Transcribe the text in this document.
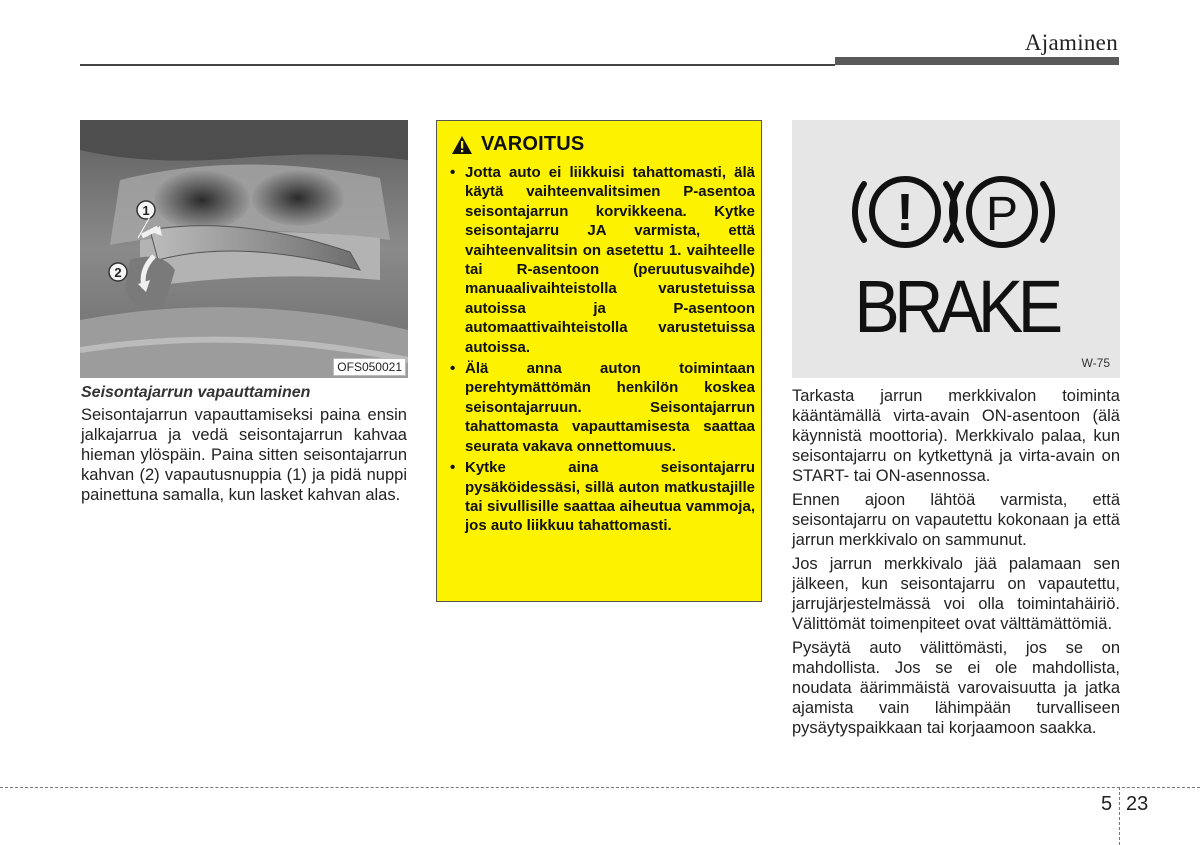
Ajaminen
1
2
OFS050021
Seisontajarrun vapauttaminen
Seisontajarrun vapauttamiseksi paina ensin jalkajarrua ja vedä seisontajarrun kahvaa hieman ylöspäin. Paina sitten seisontajarrun kahvan (2) vapautusnuppia (1) ja pidä nuppi painettuna samalla, kun lasket kahvan alas.
VAROITUS
• Jotta auto ei liikkuisi tahattomasti, älä käytä vaihteenvalitsimen P-asentoa seisontajarrun korvikkeena. Kytke seisontajarru JA varmista, että vaihteenvalitsin on asetettu 1. vaihteelle tai R-asentoon (peruutusvaihde) manuaalivaihteistolla varustetuissa autoissa ja P-asentoon automaattivaihteistolla varustetuissa autoissa.
• Älä anna auton toimintaan perehtymättömän henkilön koskea seisontajarruun. Seisontajarrun tahattomasta vapauttamisesta saattaa seurata vakava onnettomuus.
• Kytke aina seisontajarru pysäköidessäsi, sillä auton matkustajille tai sivullisille saattaa aiheutua vammoja, jos auto liikkuu tahattomasti.
! P
BRAKE
W-75

Tarkasta jarrun merkkivalon toiminta kääntämällä virta-avain ON-asentoon (älä käynnistä moottoria). Merkkivalo palaa, kun seisontajarru on kytkettynä ja virta-avain on START- tai ON-asennossa.

Ennen ajoon lähtöä varmista, että seisontajarru on vapautettu kokonaan ja että jarrun merkkivalo on sammunut.

Jos jarrun merkkivalo jää palamaan sen jälkeen, kun seisontajarru on vapautettu, jarrujärjestelmässä voi olla toimintahäiriö. Välittömät toimenpiteet ovat välttämättömiä.

Pysäytä auto välittömästi, jos se on mahdollista. Jos se ei ole mahdollista, noudata äärimmäistä varovaisuutta ja jatka ajamista vain lähimpään turvalliseen pysäytyspaikkaan tai korjaamoon saakka.

5 23
